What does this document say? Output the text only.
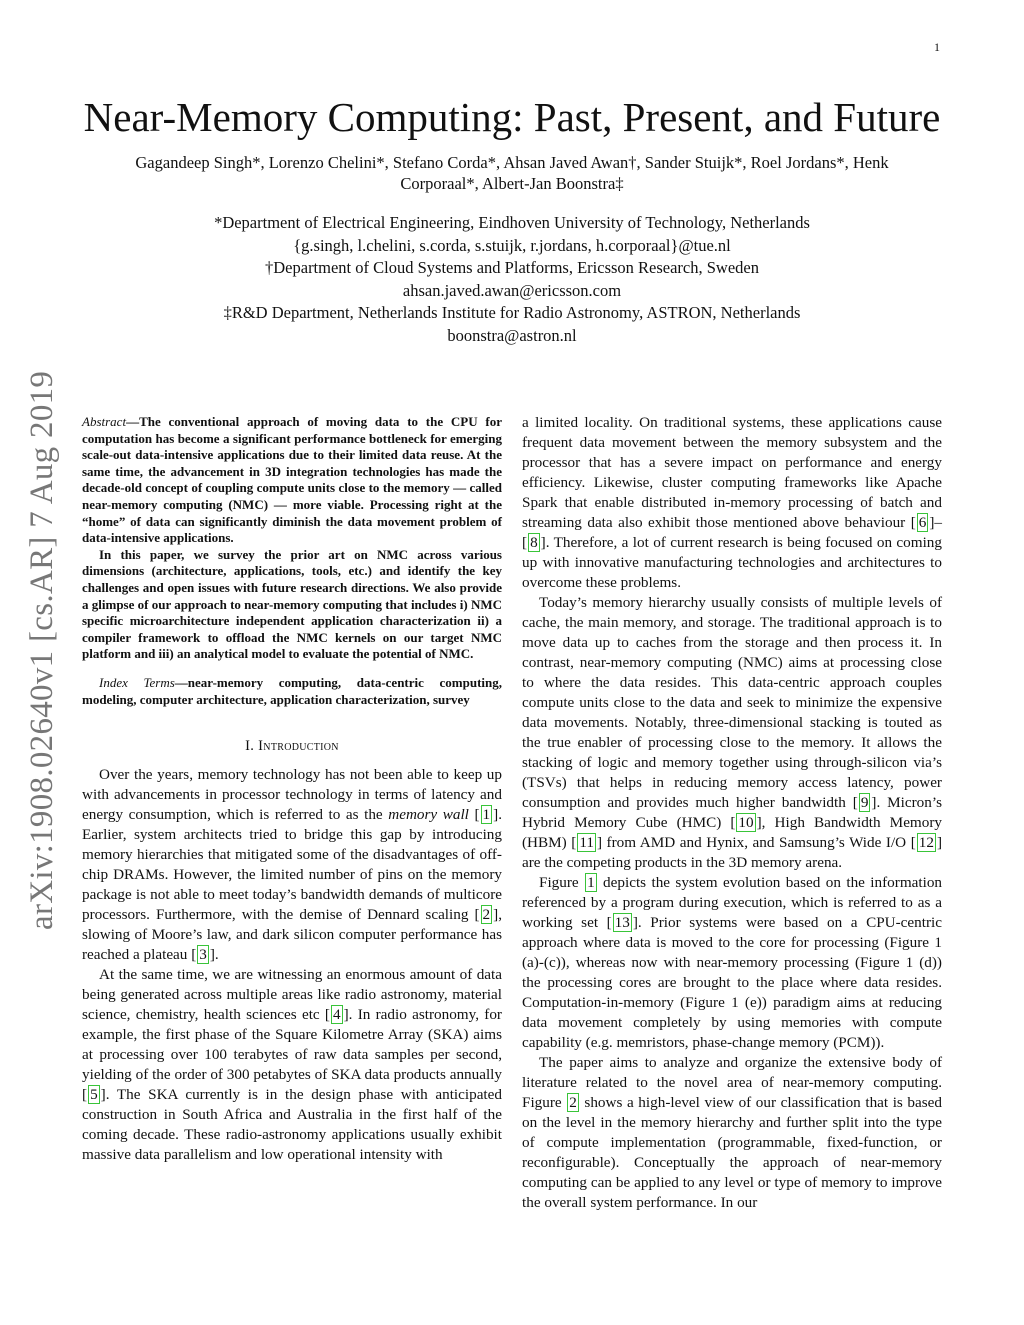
1
arXiv:1908.02640v1 [cs.AR] 7 Aug 2019
Near-Memory Computing: Past, Present, and Future
Gagandeep Singh*, Lorenzo Chelini*, Stefano Corda*, Ahsan Javed Awan†, Sander Stuijk*, Roel Jordans*, Henk
Corporaal*, Albert-Jan Boonstra‡
*Department of Electrical Engineering, Eindhoven University of Technology, Netherlands
{g.singh, l.chelini, s.corda, s.stuijk, r.jordans, h.corporaal}@tue.nl
†Department of Cloud Systems and Platforms, Ericsson Research, Sweden
ahsan.javed.awan@ericsson.com
‡R&D Department, Netherlands Institute for Radio Astronomy, ASTRON, Netherlands
boonstra@astron.nl

Abstract—The conventional approach of moving data to the CPU for computation has become a significant performance bottleneck for emerging scale-out data-intensive applications due to their limited data reuse. At the same time, the advancement in 3D integration technologies has made the decade-old concept of coupling compute units close to the memory — called near-memory computing (NMC) — more viable. Processing right at the “home” of data can significantly diminish the data movement problem of data-intensive applications.

In this paper, we survey the prior art on NMC across various dimensions (architecture, applications, tools, etc.) and identify the key challenges and open issues with future research directions. We also provide a glimpse of our approach to near-memory computing that includes i) NMC specific microarchitecture independent application characterization ii) a compiler framework to offload the NMC kernels on our target NMC platform and iii) an analytical model to evaluate the potential of NMC.

Index Terms—near-memory computing, data-centric computing, modeling, computer architecture, application characterization, survey

I. Introduction

Over the years, memory technology has not been able to keep up with advancements in processor technology in terms of latency and energy consumption, which is referred to as the memory wall [ 1 ]. Earlier, system architects tried to bridge this gap by introducing memory hierarchies that mitigated some of the disadvantages of off-chip DRAMs. However, the limited number of pins on the memory package is not able to meet today’s bandwidth demands of multicore processors. Furthermore, with the demise of Dennard scaling [ 2 ], slowing of Moore’s law, and dark silicon computer performance has reached a plateau [ 3 ].

At the same time, we are witnessing an enormous amount of data being generated across multiple areas like radio astronomy, material science, chemistry, health sciences etc [ 4 ]. In radio astronomy, for example, the first phase of the Square Kilometre Array (SKA) aims at processing over 100 terabytes of raw data samples per second, yielding of the order of 300 petabytes of SKA data products annually [ 5 ]. The SKA currently is in the design phase with anticipated construction in South Africa and Australia in the first half of the coming decade. These radio-astronomy applications usually exhibit massive data parallelism and low operational intensity with

a limited locality. On traditional systems, these applications cause frequent data movement between the memory subsystem and the processor that has a severe impact on performance and energy efficiency. Likewise, cluster computing frameworks like Apache Spark that enable distributed in-memory processing of batch and streaming data also exhibit those mentioned above behaviour [ 6 ]–[ 8 ]. Therefore, a lot of current research is being focused on coming up with innovative manufacturing technologies and architectures to overcome these problems.

Today’s memory hierarchy usually consists of multiple levels of cache, the main memory, and storage. The traditional approach is to move data up to caches from the storage and then process it. In contrast, near-memory computing (NMC) aims at processing close to where the data resides. This data-centric approach couples compute units close to the data and seek to minimize the expensive data movements. Notably, three-dimensional stacking is touted as the true enabler of processing close to the memory. It allows the stacking of logic and memory together using through-silicon via’s (TSVs) that helps in reducing memory access latency, power consumption and provides much higher bandwidth [ 9 ]. Micron’s Hybrid Memory Cube (HMC) [ 10 ], High Bandwidth Memory (HBM) [ 11 ] from AMD and Hynix, and Samsung’s Wide I/O [ 12 ] are the competing products in the 3D memory arena.

Figure 1 depicts the system evolution based on the information referenced by a program during execution, which is referred to as a working set [ 13 ]. Prior systems were based on a CPU-centric approach where data is moved to the core for processing (Figure 1 (a)-(c)), whereas now with near-memory processing (Figure 1 (d)) the processing cores are brought to the place where data resides. Computation-in-memory (Figure 1 (e)) paradigm aims at reducing data movement completely by using memories with compute capability (e.g. memristors, phase-change memory (PCM)).

The paper aims to analyze and organize the extensive body of literature related to the novel area of near-memory computing. Figure 2 shows a high-level view of our classification that is based on the level in the memory hierarchy and further split into the type of compute implementation (programmable, fixed-function, or reconfigurable). Conceptually the approach of near-memory computing can be applied to any level or type of memory to improve the overall system performance. In our
